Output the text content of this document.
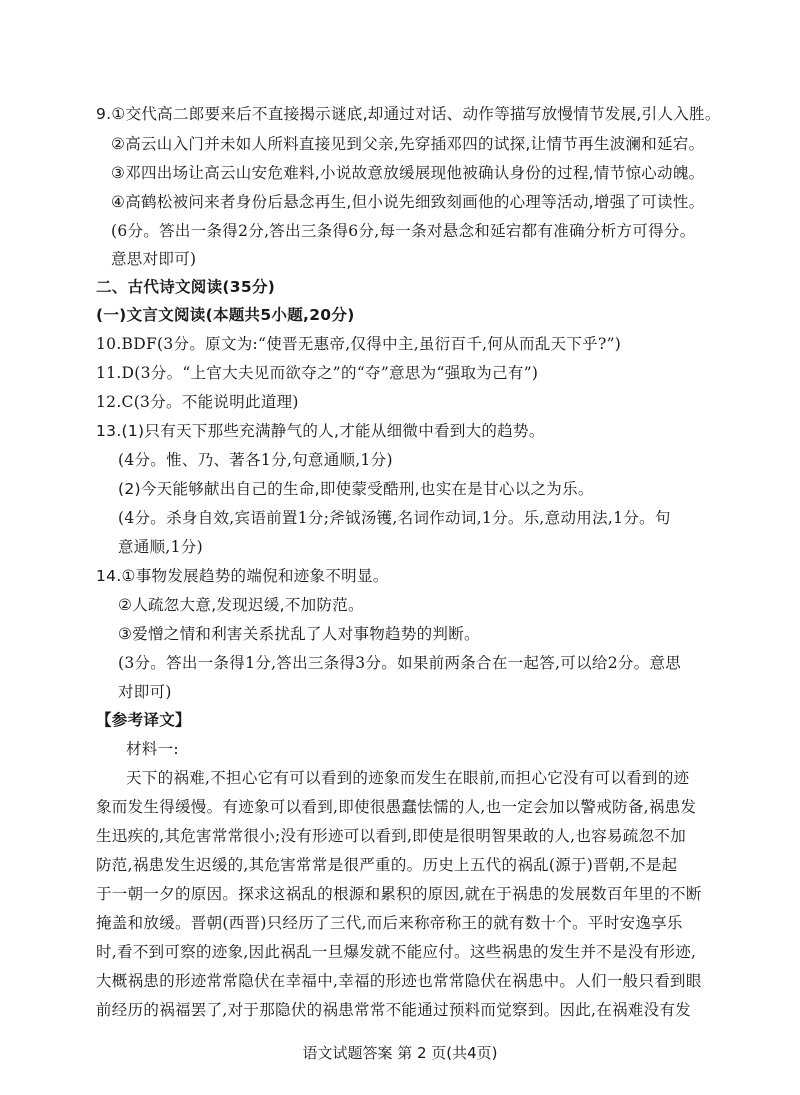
9.①交代高二郎要来后不直接揭示谜底,却通过对话、动作等描写放慢情节发展,引人入胜。
②高云山入门并未如人所料直接见到父亲,先穿插邓四的试探,让情节再生波澜和延宕。
③邓四出场让高云山安危难料,小说故意放缓展现他被确认身份的过程,情节惊心动魄。
④高鹤松被问来者身份后悬念再生,但小说先细致刻画他的心理等活动,增强了可读性。
(6分。答出一条得2分,答出三条得6分,每一条对悬念和延宕都有准确分析方可得分。
意思对即可)
二、古代诗文阅读(35分)
(一)文言文阅读(本题共5小题,20分)
10.BDF(3分。原文为:“使晋无惠帝,仅得中主,虽衍百千,何从而乱天下乎?”)
11.D(3分。“上官大夫见而欲夺之”的“夺”意思为“强取为己有”)
12.C(3分。不能说明此道理)
13.(1)只有天下那些充满静气的人,才能从细微中看到大的趋势。
(4分。惟、乃、著各1分,句意通顺,1分)
(2)今天能够献出自己的生命,即使蒙受酷刑,也实在是甘心以之为乐。
(4分。杀身自效,宾语前置1分;斧钺汤镬,名词作动词,1分。乐,意动用法,1分。句
意通顺,1分)
14.①事物发展趋势的端倪和迹象不明显。
②人疏忽大意,发现迟缓,不加防范。
③爱憎之情和利害关系扰乱了人对事物趋势的判断。
(3分。答出一条得1分,答出三条得3分。如果前两条合在一起答,可以给2分。意思
对即可)
【参考译文】
材料一:
天下的祸难,不担心它有可以看到的迹象而发生在眼前,而担心它没有可以看到的迹
象而发生得缓慢。有迹象可以看到,即使很愚蠢怯懦的人,也一定会加以警戒防备,祸患发
生迅疾的,其危害常常很小;没有形迹可以看到,即使是很明智果敢的人,也容易疏忽不加
防范,祸患发生迟缓的,其危害常常是很严重的。历史上五代的祸乱(源于)晋朝,不是起
于一朝一夕的原因。探求这祸乱的根源和累积的原因,就在于祸患的发展数百年里的不断
掩盖和放缓。晋朝(西晋)只经历了三代,而后来称帝称王的就有数十个。平时安逸享乐
时,看不到可察的迹象,因此祸乱一旦爆发就不能应付。这些祸患的发生并不是没有形迹,
大概祸患的形迹常常隐伏在幸福中,幸福的形迹也常常隐伏在祸患中。人们一般只看到眼
前经历的祸福罢了,对于那隐伏的祸患常常不能通过预料而觉察到。因此,在祸难没有发
语文试题答案 第 2 页(共4页)
